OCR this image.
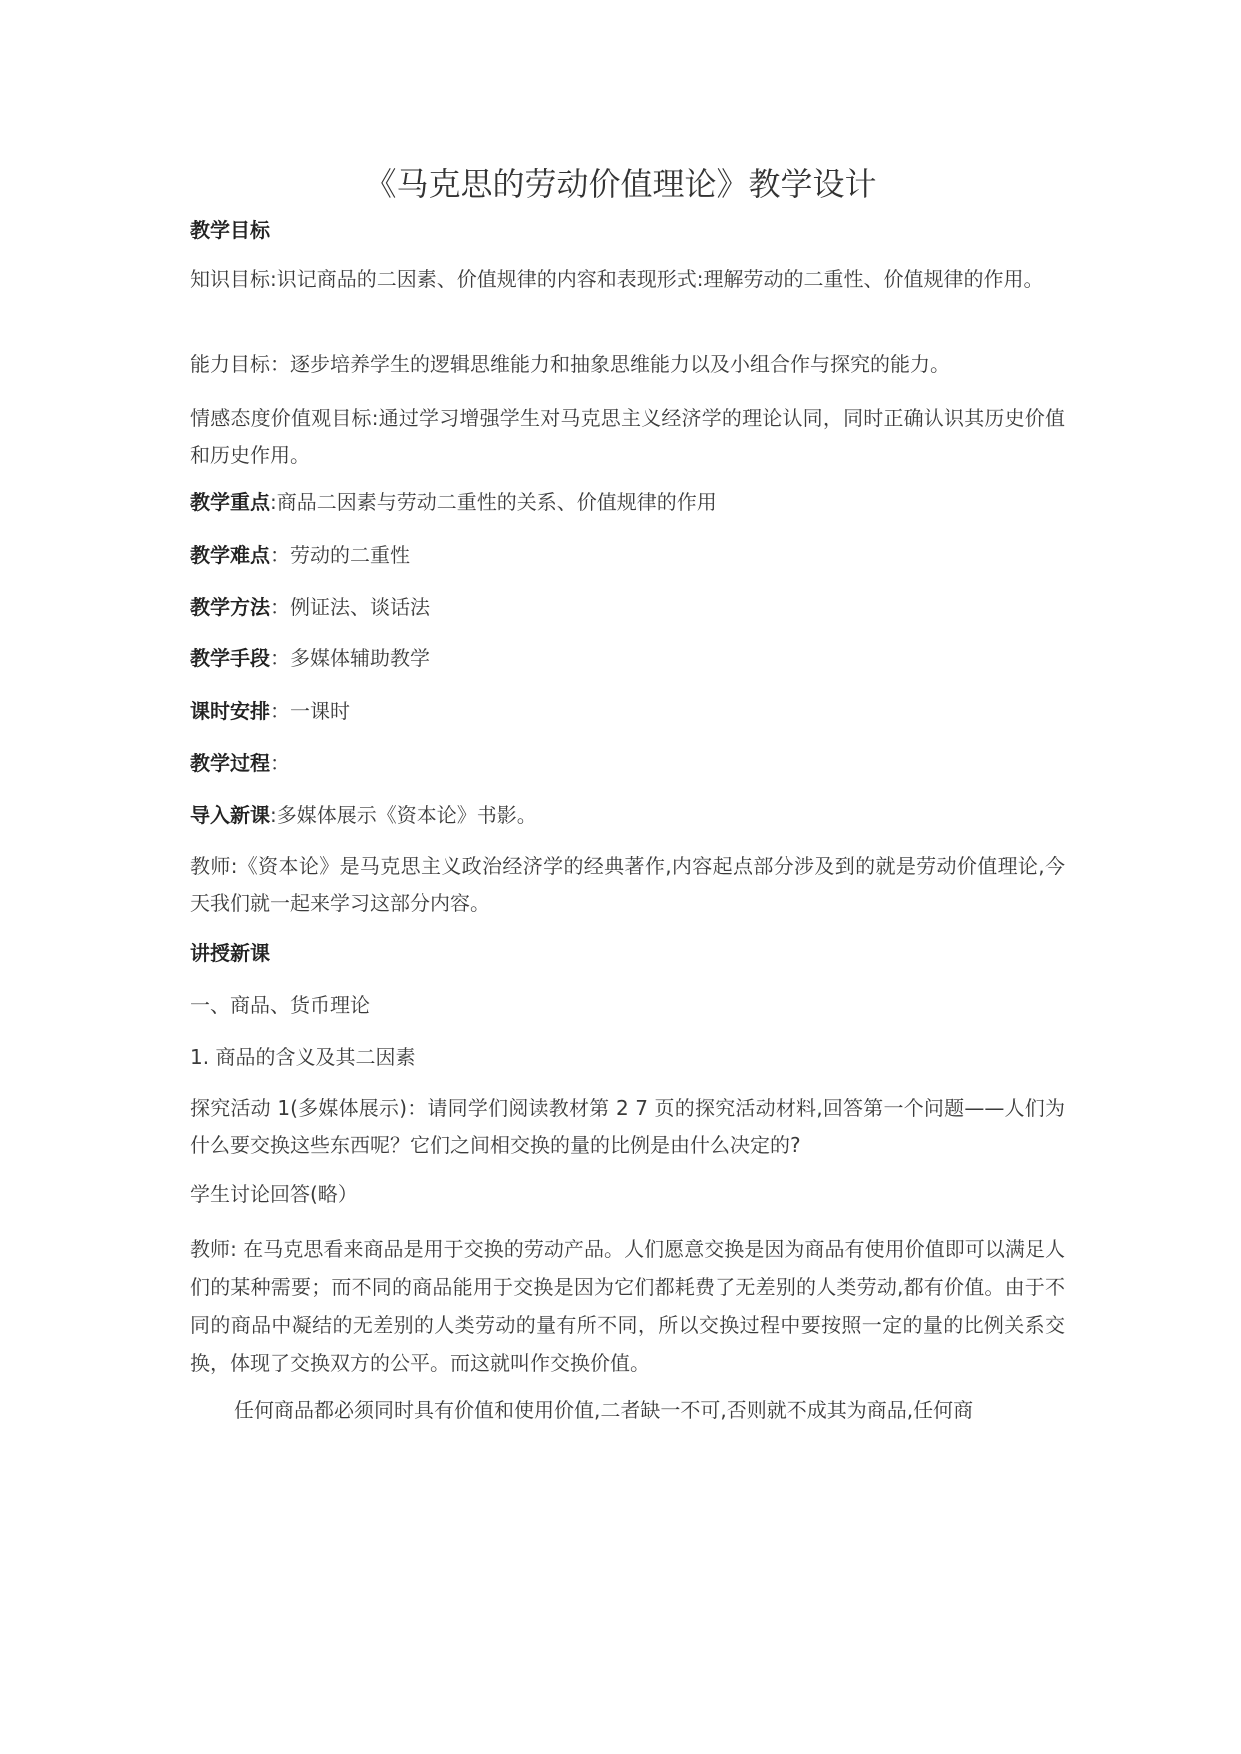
《马克思的劳动价值理论》教学设计
教学目标
知识目标:识记商品的二因素、价值规律的内容和表现形式:理解劳动的二重性、价值规律的作用。
能力目标：逐步培养学生的逻辑思维能力和抽象思维能力以及小组合作与探究的能力。
情感态度价值观目标:通过学习增强学生对马克思主义经济学的理论认同，同时正确认识其历史价值和历史作用。
教学重点:商品二因素与劳动二重性的关系、价值规律的作用
教学难点：劳动的二重性
教学方法：例证法、谈话法
教学手段：多媒体辅助教学
课时安排：一课时
教学过程：
导入新课:多媒体展示《资本论》书影。
教师:《资本论》是马克思主义政治经济学的经典著作,内容起点部分涉及到的就是劳动价值理论,今天我们就一起来学习这部分内容。
讲授新课
一、商品、货币理论
1. 商品的含义及其二因素
探究活动 1(多媒体展示)：请同学们阅读教材第 2 7 页的探究活动材料,回答第一个问题——人们为什么要交换这些东西呢？它们之间相交换的量的比例是由什么决定的?
学生讨论回答(略）
教师: 在马克思看来商品是用于交换的劳动产品。人们愿意交换是因为商品有使用价值即可以满足人们的某种需要；而不同的商品能用于交换是因为它们都耗费了无差别的人类劳动,都有价值。由于不同的商品中凝结的无差别的人类劳动的量有所不同，所以交换过程中要按照一定的量的比例关系交换，体现了交换双方的公平。而这就叫作交换价值。
任何商品都必须同时具有价值和使用价值,二者缺一不可,否则就不成其为商品,任何商
